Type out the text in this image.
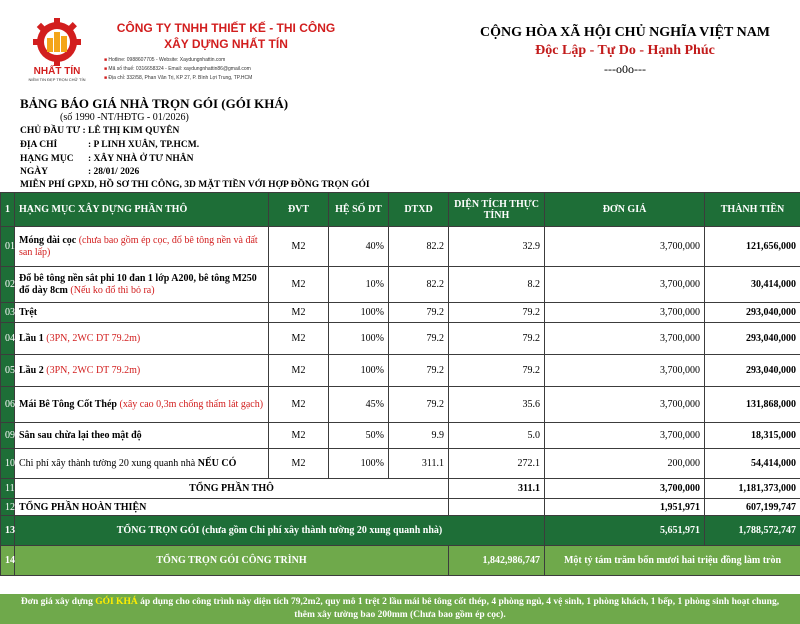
NHẤT TÍN
NIỀM TIN ĐẸP TRỌN CHỮ TÍN
CÔNG TY TNHH THIẾT KẾ - THI CÔNG
XÂY DỰNG NHẤT TÍN
■ Hotline: 0988607705 - Website: Xaydungnhattin.com
■ Mã số thuế: 0316658324 - Email: xaydungnhattin86@gmail.com
■ Địa chỉ: 332/58, Phan Văn Trị, KP 27, P. Bình Lợi Trung, TP.HCM
CỘNG HÒA XÃ HỘI CHỦ NGHĨA VIỆT NAM
Độc Lập - Tự Do - Hạnh Phúc
---o0o---
BẢNG BÁO GIÁ NHÀ TRỌN GÓI (GÓI KHÁ)
(số 1990 -NT/HĐTG - 01/2026)
CHỦ ĐẦU TƯ : LÊ THỊ KIM QUYÊN
ĐỊA CHỈ	: P LINH XUÂN, TP.HCM.
HẠNG MỤC : XÂY NHÀ Ở TƯ NHÂN
NGÀY	: 28/01/ 2026
MIỄN PHÍ GPXD, HỒ SƠ THI CÔNG, 3D MẶT TIỀN VỚI HỢP ĐỒNG TRỌN GÓI
1	HẠNG MỤC XÂY DỰNG PHẦN THÔ	ĐVT	HỆ SỐ DT	DTXD	DIỆN TÍCH THỰC TÍNH	ĐƠN GIÁ	THÀNH TIỀN
01	Móng đài cọc (chưa bao gồm ép cọc, đổ bê tông nền và đất san lấp)	M2	40%	82.2	32.9	3,700,000	121,656,000
02	Đổ bê tông nền sắt phi 10 đan 1 lớp A200, bê tông M250 đổ dày 8cm (Nếu ko đổ thì bỏ ra)	M2	10%	82.2	8.2	3,700,000	30,414,000
03	Trệt	M2	100%	79.2	79.2	3,700,000	293,040,000
04	Lầu 1 (3PN, 2WC DT 79.2m)	M2	100%	79.2	79.2	3,700,000	293,040,000
05	Lầu 2 (3PN, 2WC DT 79.2m)	M2	100%	79.2	79.2	3,700,000	293,040,000
06	Mái Bê Tông Cốt Thép (xây cao 0,3m chống thấm lát gạch)	M2	45%	79.2	35.6	3,700,000	131,868,000
09	Sân sau chừa lại theo mật độ	M2	50%	9.9	5.0	3,700,000	18,315,000
10	Chi phí xây thành tường 20 xung quanh nhà NẾU CÓ	M2	100%	311.1	272.1	200,000	54,414,000
11	TỔNG PHẦN THÔ				311.1	3,700,000	1,181,373,000
12	TỔNG PHẦN HOÀN THIỆN					1,951,971	607,199,747
13	TỔNG TRỌN GÓI (chưa gồm Chi phí xây thành tường 20 xung quanh nhà)					5,651,971	1,788,572,747
14	TỔNG TRỌN GÓI CÔNG TRÌNH				1,842,986,747	Một tỷ tám trăm bốn mươi hai triệu đồng làm tròn	
Đơn giá xây dựng GÓI KHÁ áp dụng cho công trình này diện tích 79,2m2, quy mô 1 trệt 2 lầu mái bê tông cốt thép, 4 phòng ngủ, 4 vệ sinh, 1 phòng khách, 1 bếp, 1 phòng sinh hoạt chung, thêm xây tường bao 200mm (Chưa bao gồm ép cọc).
